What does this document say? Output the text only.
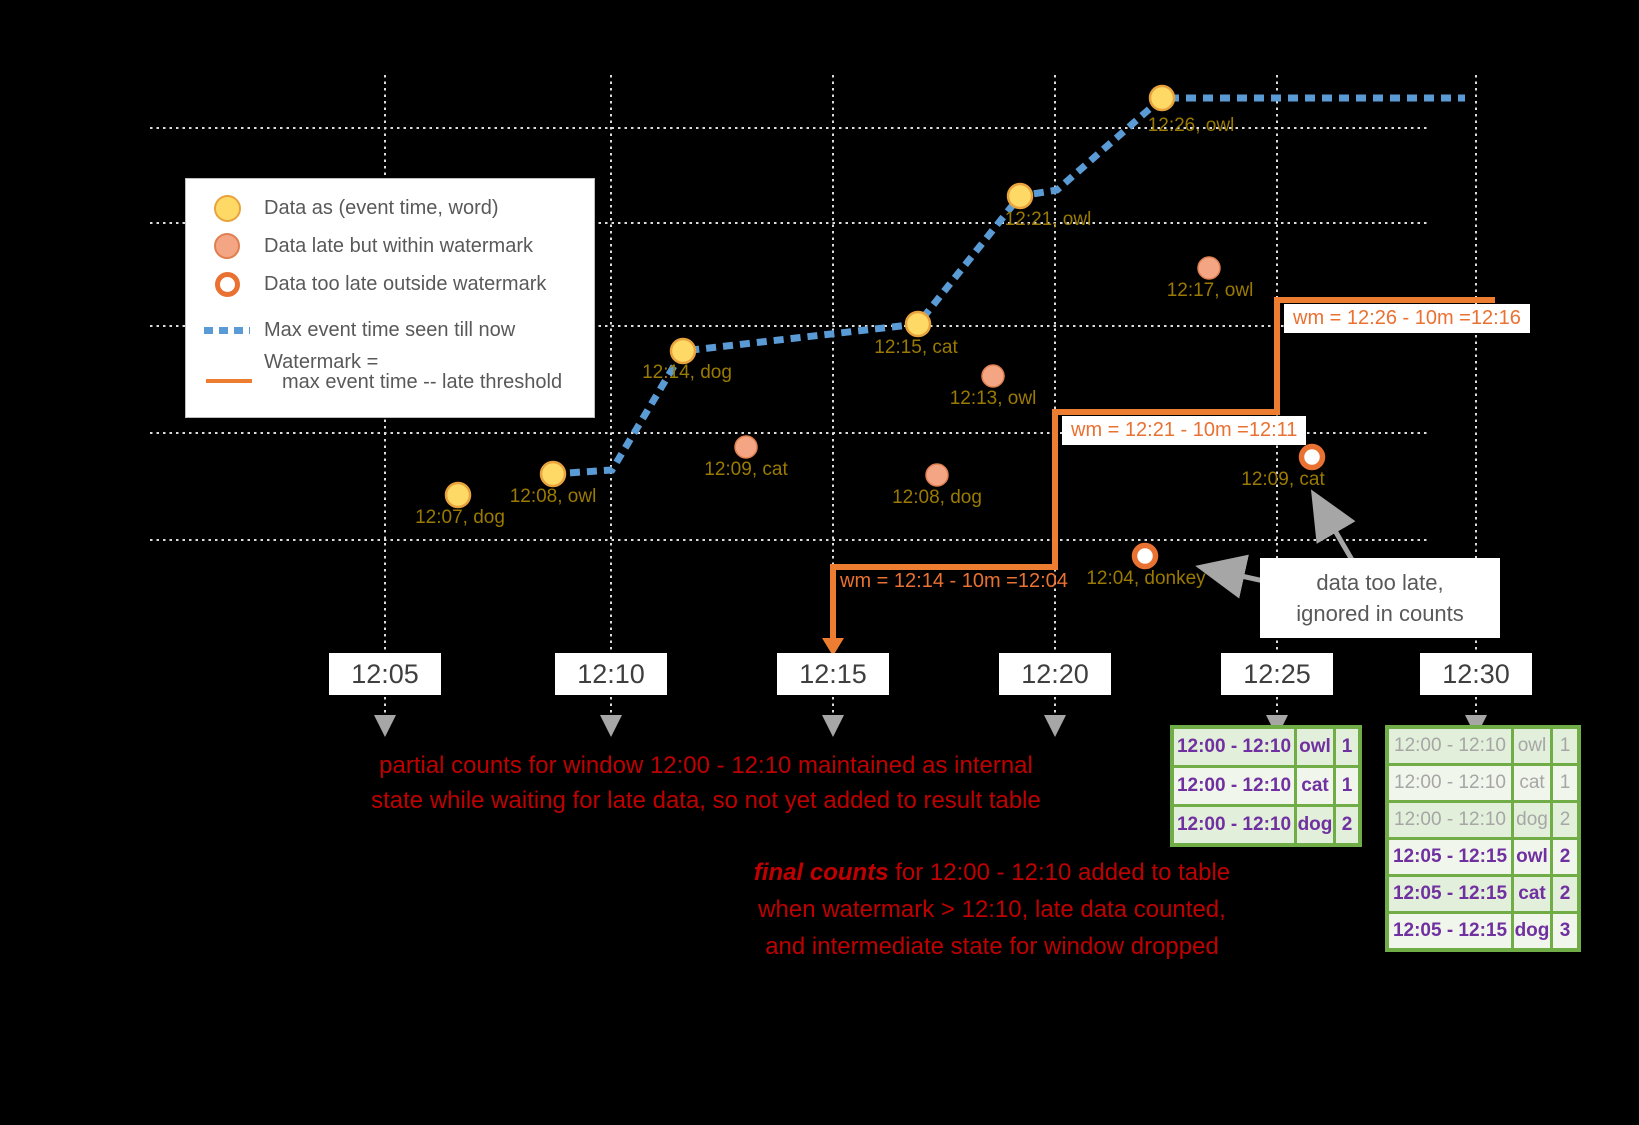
Data as (event time, word)
Data late but within watermark
Data too late outside watermark
Max event time seen till now
Watermark =
max event time -- late threshold
partial counts for window 12:00 - 12:10 maintained as internal
state while waiting for late data, so not yet added to result table
final counts for 12:00 - 12:10 added to table
when watermark > 12:10, late data counted,
and intermediate state for window dropped
data too late,
ignored in counts
12:07, dog
12:08, owl
12:14, dog
12:15, cat
12:21, owl
12:26, owl
12:09, cat
12:13, owl
12:08, dog
12:17, owl
12:04, donkey
12:09, cat
12:05	12:10	12:15	12:20	12:25	12:30
wm = 12:14 - 10m =12:04
wm = 12:21 - 10m =12:11
wm = 12:26 - 10m =12:16
12:00 - 12:10 owl 1
12:00 - 12:10 cat 1
12:00 - 12:10 dog 2
12:00 - 12:10 owl 1
12:00 - 12:10 cat 1
12:00 - 12:10 dog 2
12:05 - 12:15 owl 2
12:05 - 12:15 cat 2
12:05 - 12:15 dog 3
